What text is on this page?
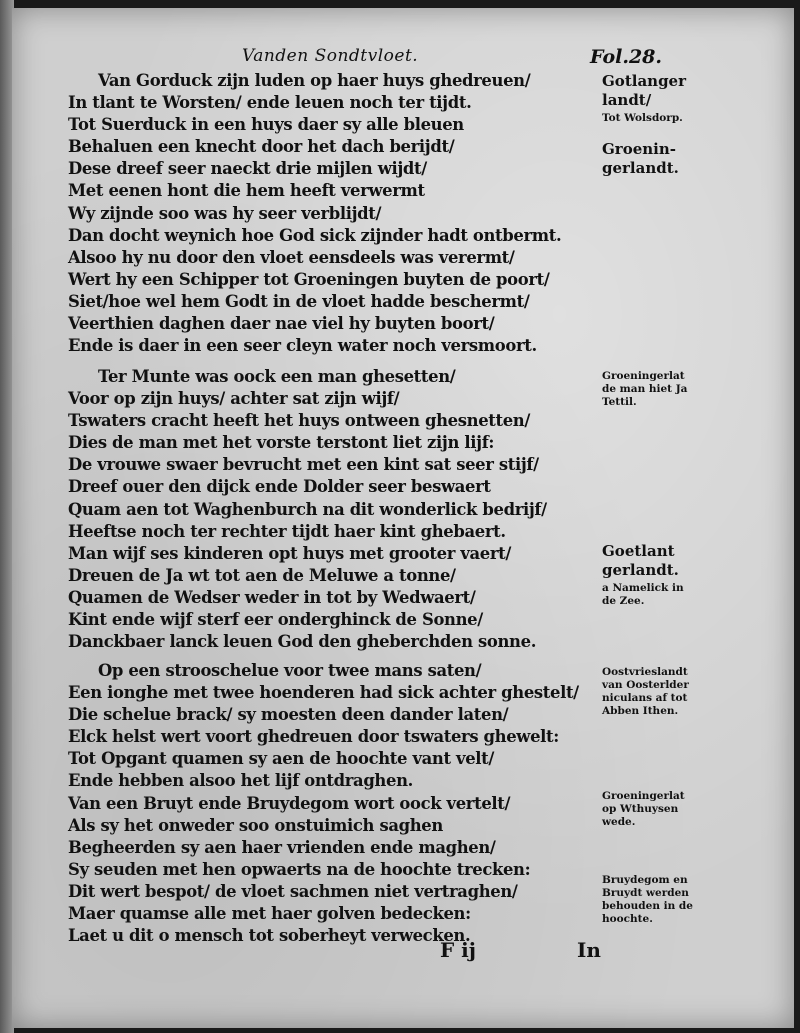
Vanden Sondtvloet.	Fol.28.
Van Gorduck zijn luden op haer huys ghedreuen/
In tlant te Worsten/ ende leuen noch ter tijdt.
Tot Suerduck in een huys daer sy alle bleuen
Behaluen een knecht door het dach berijdt/
Dese dreef seer naeckt drie mijlen wijdt/
Met eenen hont die hem heeft verwermt
Wy zijnde soo was hy seer verblijdt/
Dan docht weynich hoe God sick zijnder hadt ontbermt.
Alsoo hy nu door den vloet eensdeels was verermt/
Wert hy een Schipper tot Groeningen buyten de poort/
Siet/hoe wel hem Godt in de vloet hadde beschermt/
Veerthien daghen daer nae viel hy buyten boort/
Ende is daer in een seer cleyn water noch versmoort.
Ter Munte was oock een man ghesetten/
Voor op zijn huys/ achter sat zijn wijf/
Tswaters cracht heeft het huys ontween ghesnetten/
Dies de man met het vorste terstont liet zijn lijf:
De vrouwe swaer bevrucht met een kint sat seer stijf/
Dreef ouer den dijck ende Dolder seer beswaert
Quam aen tot Waghenburch na dit wonderlick bedrijf/
Heeftse noch ter rechter tijdt haer kint ghebaert.
Man wijf ses kinderen opt huys met grooter vaert/
Dreuen de Ja wt tot aen de Meluwe a tonne/
Quamen de Wedser weder in tot by Wedwaert/
Kint ende wijf sterf eer onderghinck de Sonne/
Danckbaer lanck leuen God den gheberchden sonne.
Op een strooschelue voor twee mans saten/
Een ionghe met twee hoenderen had sick achter ghestelt/
Die schelue brack/ sy moesten deen dander laten/
Elck helst wert voort ghedreuen door tswaters ghewelt:
Tot Opgant quamen sy aen de hoochte vant velt/
Ende hebben alsoo het lijf ontdraghen.
Van een Bruyt ende Bruydegom wort oock vertelt/
Als sy het onweder soo onstuimich saghen
Begheerden sy aen haer vrienden ende maghen/
Sy seuden met hen opwaerts na de hoochte trecken:
Dit wert bespot/ de vloet sachmen niet vertraghen/
Maer quamse alle met haer golven bedecken:
Laet u dit o mensch tot soberheyt verwecken.
Gotlanger
landt/
Tot Wolsdorp.
Groenin-
gerlandt.
Groeningerlat
de man hiet Ja
Tettil.
Goetlant
gerlandt.
a Namelick in
de Zee.
Oostvrieslandt
van Oosterlder
niculans af tot
Abben Ithen.
Groeningerlat
op Wthuysen
wede.
Bruydegom en
Bruydt werden
behouden in de
hoochte.
F ij	In
